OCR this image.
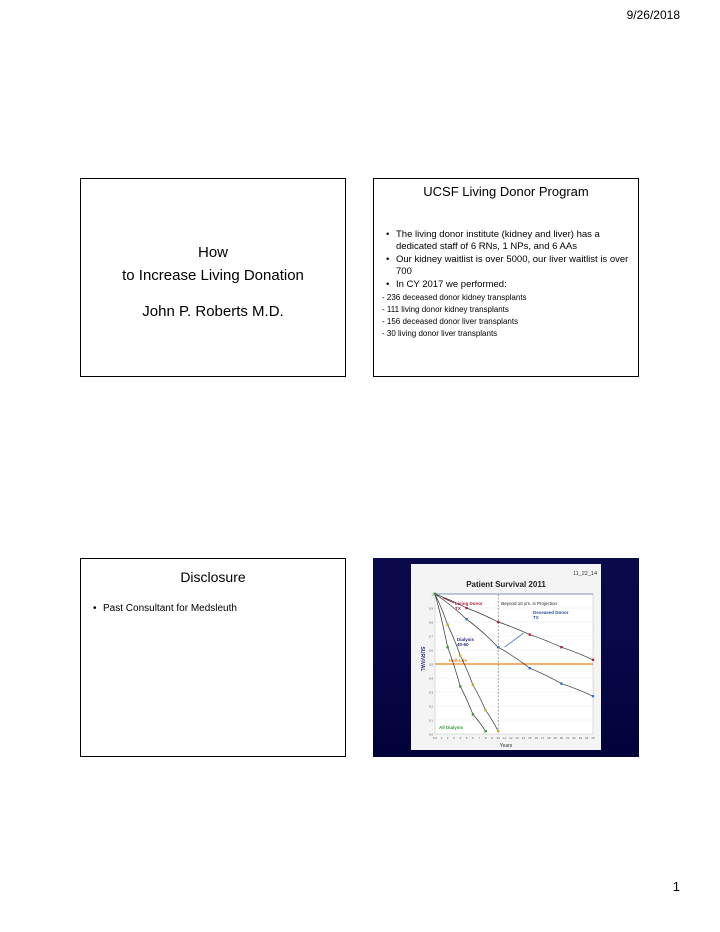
9/26/2018
How
to Increase Living Donation
John P. Roberts M.D.
UCSF Living Donor Program
• The living donor institute (kidney and liver) has a dedicated staff of 6 RNs, 1 NPs, and 6 AAs
• Our kidney waitlist is over 5000, our liver waitlist is over 700
• In CY 2017 we performed:
- 236 deceased donor kidney transplants
- 111 living donor kidney transplants
- 156 deceased donor liver transplants
- 30 living donor liver transplants
Disclosure
• Past Consultant for Medsleuth
11_22_14
Patient Survival 2011
Years
SURVIVAL
0.0
0.1
0.2
0.3
0.4
0.5
0.6
0.7
0.8
0.9
1
0.0 1 2 3 4 5 6 7 8 9 10 11 12 13 14 15 16 17 18 19 20 21 22 23 24 25
Beyond 10 yrs. is Projection
Half-Life
Living Donor TX
Deceased Donor TX
Dialysis 40-60
All Dialysis
1
